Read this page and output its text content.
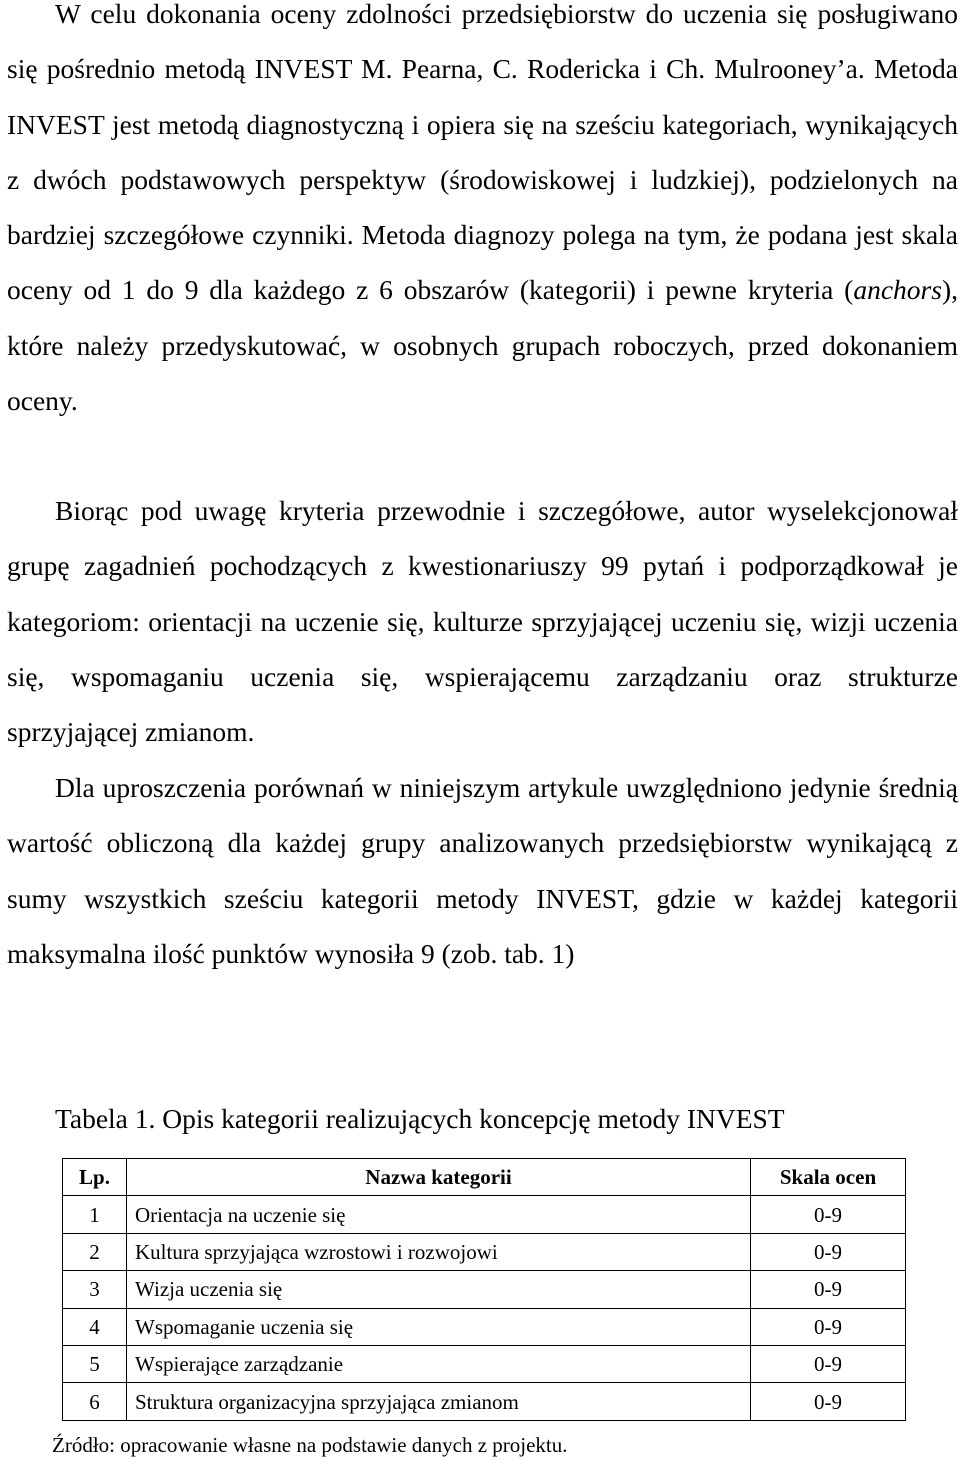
W celu dokonania oceny zdolności przedsiębiorstw do uczenia się posługiwano się pośrednio metodą INVEST M. Pearna, C. Rodericka i Ch. Mulrooney’a. Metoda INVEST jest metodą diagnostyczną i opiera się na sześciu kategoriach, wynikających z dwóch podstawowych perspektyw (środowiskowej i ludzkiej), podzielonych na bardziej szczegółowe czynniki. Metoda diagnozy polega na tym, że podana jest skala oceny od 1 do 9 dla każdego z 6 obszarów (kategorii) i pewne kryteria (anchors), które należy przedyskutować, w osobnych grupach roboczych, przed dokonaniem oceny.

Biorąc pod uwagę kryteria przewodnie i szczegółowe, autor wyselekcjonował grupę zagadnień pochodzących z kwestionariuszy 99 pytań i podporządkował je kategoriom: orientacji na uczenie się, kulturze sprzyjającej uczeniu się, wizji uczenia się, wspomaganiu uczenia się, wspierającemu zarządzaniu oraz strukturze sprzyjającej zmianom.

Dla uproszczenia porównań w niniejszym artykule uwzględniono jedynie średnią wartość obliczoną dla każdej grupy analizowanych przedsiębiorstw wynikającą z sumy wszystkich sześciu kategorii metody INVEST, gdzie w każdej kategorii maksymalna ilość punktów wynosiła 9 (zob. tab. 1)

Tabela 1. Opis kategorii realizujących koncepcję metody INVEST

Lp.	Nazwa kategorii	Skala ocen
1	Orientacja na uczenie się	0-9
2	Kultura sprzyjająca wzrostowi i rozwojowi	0-9
3	Wizja uczenia się	0-9
4	Wspomaganie uczenia się	0-9
5	Wspierające zarządzanie	0-9
6	Struktura organizacyjna sprzyjająca zmianom	0-9

Źródło: opracowanie własne na podstawie danych z projektu.
